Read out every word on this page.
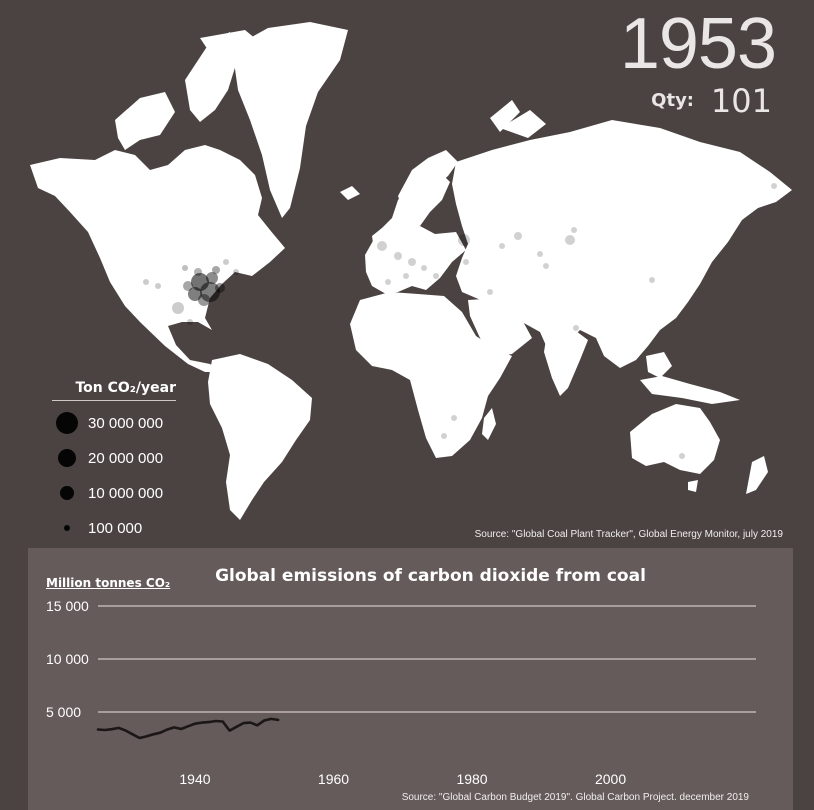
1953
Qty: 101
Ton CO₂/year
30 000 000
20 000 000
10 000 000
100 000	Source: "Global Coal Plant Tracker", Global Energy Monitor, july 2019
5 000
10 000
15 000
1940	1960	1980	2000
Million tonnes CO₂	Global emissions of carbon dioxide from coal
Source: "Global Carbon Budget 2019". Global Carbon Project. december 2019
